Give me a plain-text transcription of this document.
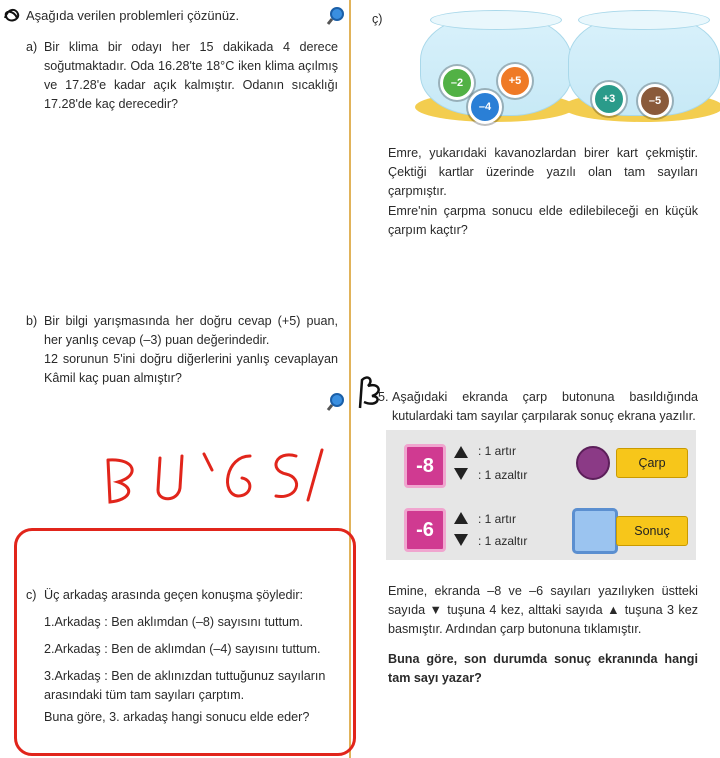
Aşağıda verilen problemleri çözünüz.
a) Bir klima bir odayı her 15 dakikada 4 derece soğutmaktadır. Oda 16.28'te 18°C iken klima açılmış ve 17.28'e kadar açık kalmıştır. Odanın sıcaklığı 17.28'de kaç derecedir?
b) Bir bilgi yarışmasında her doğru cevap (+5) puan, her yanlış cevap (–3) puan değerindedir.
12 sorunun 5'ini doğru diğerlerini yanlış cevaplayan Kâmil kaç puan almıştır?
c) Üç arkadaş arasında geçen konuşma şöyledir:
1.Arkadaş : Ben aklımdan (–8) sayısını tuttum.
2.Arkadaş : Ben de aklımdan (–4) sayısını tuttum.
3.Arkadaş : Ben de aklınızdan tuttuğunuz sayıların arasındaki tüm tam sayıları çarptım.
Buna göre, 3. arkadaş hangi sonucu elde eder?
ç)
–2	+5
–4
+3	–5
Emre, yukarıdaki kavanozlardan birer kart çekmiştir. Çektiği kartlar üzerinde yazılı olan tam sayıları çarpmıştır.
Emre'nin çarpma sonucu elde edilebileceği en küçük çarpım kaçtır?
5. Aşağıdaki ekranda çarp butonuna basıldığında kutulardaki tam sayılar çarpılarak sonuç ekrana yazılır.
-8
: 1 artır
: 1 azaltır
Çarp
-6	: 1 artır
: 1 azaltır
Sonuç
Emine, ekranda –8 ve –6 sayıları yazılıyken üstteki sayıda ▼ tuşuna 4 kez, alttaki sayıda ▲ tuşuna 3 kez basmıştır. Ardından çarp butonuna tıklamıştır.
Buna göre, son durumda sonuç ekranında hangi tam sayı yazar?
